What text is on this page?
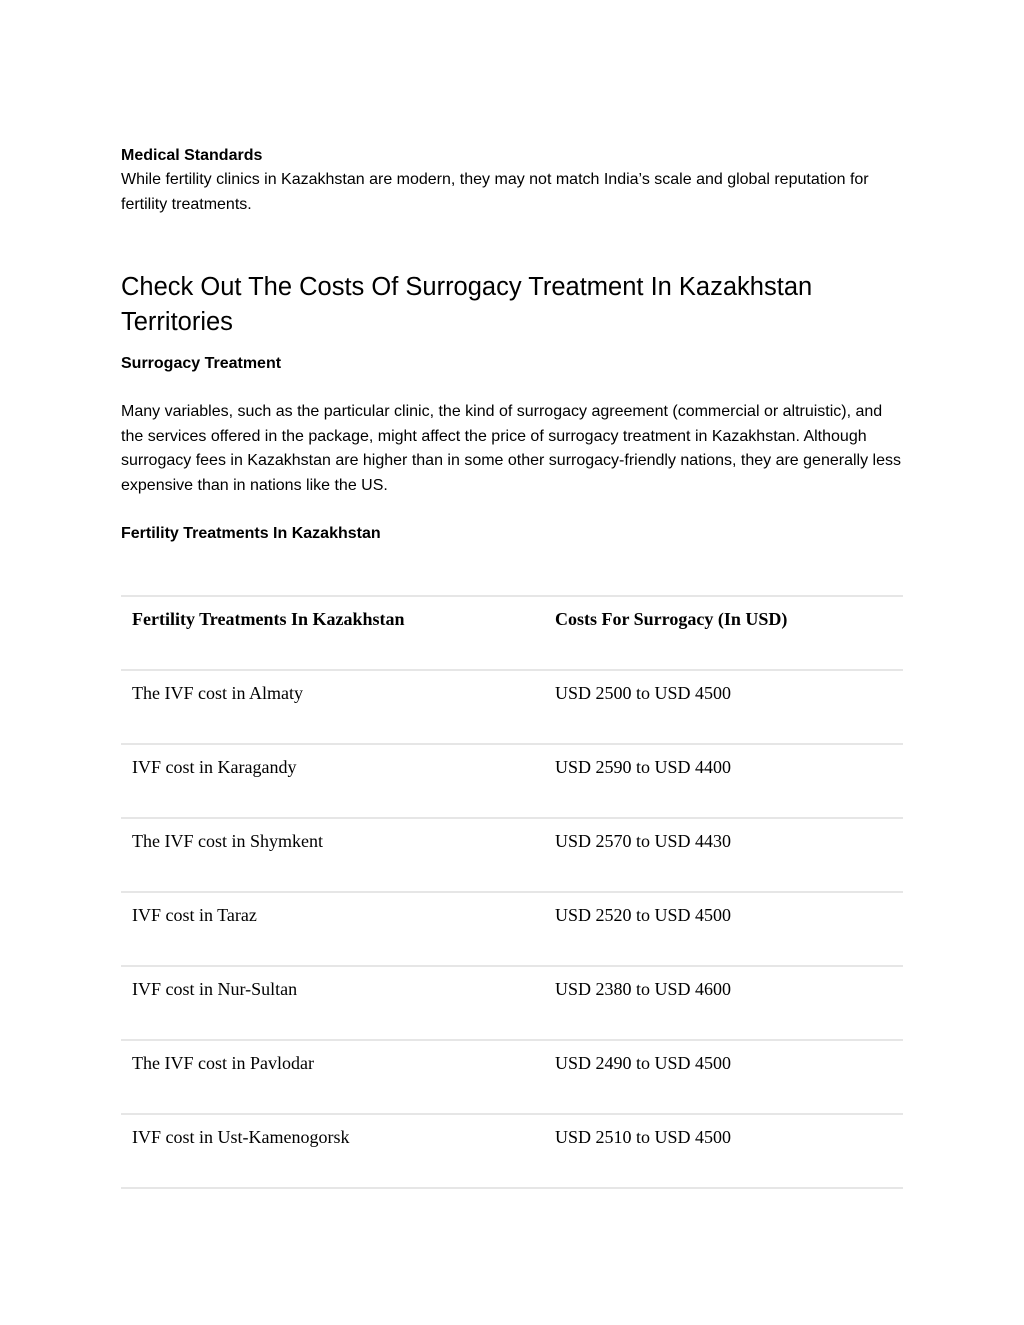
Medical Standards

While fertility clinics in Kazakhstan are modern, they may not match India’s scale and global reputation for fertility treatments.

Check Out The Costs Of Surrogacy Treatment In Kazakhstan Territories

Surrogacy Treatment

Many variables, such as the particular clinic, the kind of surrogacy agreement (commercial or altruistic), and the services offered in the package, might affect the price of surrogacy treatment in Kazakhstan. Although surrogacy fees in Kazakhstan are higher than in some other surrogacy-friendly nations, they are generally less expensive than in nations like the US.

Fertility Treatments In Kazakhstan

Fertility Treatments In Kazakhstan	Costs For Surrogacy (In USD)
The IVF cost in Almaty	USD 2500 to USD 4500
IVF cost in Karagandy	USD 2590 to USD 4400
The IVF cost in Shymkent	USD 2570 to USD 4430
IVF cost in Taraz	USD 2520 to USD 4500
IVF cost in Nur-Sultan	USD 2380 to USD 4600
The IVF cost in Pavlodar	USD 2490 to USD 4500
IVF cost in Ust-Kamenogorsk	USD 2510 to USD 4500
